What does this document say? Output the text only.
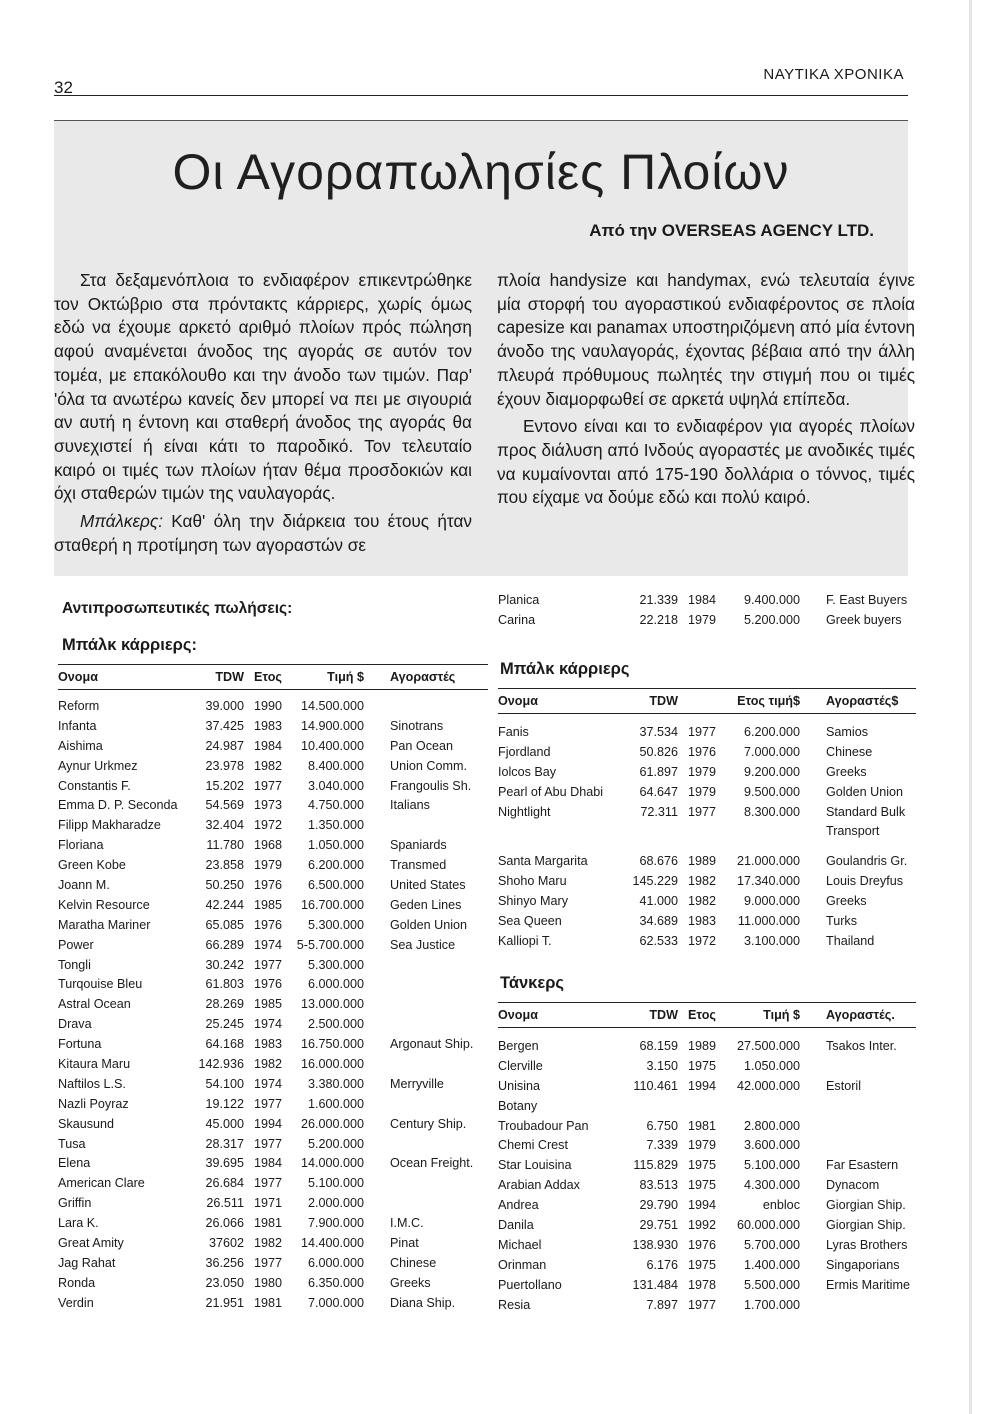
32
ΝΑΥΤΙΚΑ ΧΡΟΝΙΚΑ
Οι Αγοραπωλησίες Πλοίων
Από την OVERSEAS AGENCY LTD.

Στα δεξαμενόπλοια το ενδιαφέρον επικεντρώθηκε τον Οκτώβριο στα πρόντακτς κάρριερς, χωρίς όμως εδώ να έχουμε αρκετό αριθμό πλοίων πρός πώληση αφού αναμένεται άνοδος της αγοράς σε αυτόν τον τομέα, με επακόλουθο και την άνοδο των τιμών. Παρ' 'όλα τα ανωτέρω κανείς δεν μπορεί να πει με σιγουριά αν αυτή η έντονη και σταθερή άνοδος της αγοράς θα συνεχιστεί ή είναι κάτι το παροδικό. Τον τελευταίο καιρό οι τιμές των πλοίων ήταν θέμα προσδοκιών και όχι σταθερών τιμών της ναυλαγοράς.

Μπάλκερς: Καθ' όλη την διάρκεια του έτους ήταν σταθερή η προτίμηση των αγοραστών σε

πλοία handysize και handymax, ενώ τελευταία έγινε μία στορφή του αγοραστικού ενδιαφέροντος σε πλοία capesize και panamax υποστηριζόμενη από μία έντονη άνοδο της ναυλαγοράς, έχοντας βέβαια από την άλλη πλευρά πρόθυμους πωλητές την στιγμή που οι τιμές έχουν διαμορφωθεί σε αρκετά υψηλά επίπεδα.

Εντονο είναι και το ενδιαφέρον για αγορές πλοίων προς διάλυση από Ινδούς αγοραστές με ανοδικές τιμές να κυμαίνονται από 175-190 δολλάρια ο τόννος, τιμές που είχαμε να δούμε εδώ και πολύ καιρό.

Αντιπροσωπευτικές πωλήσεις:
Μπάλκ κάρριερς:
Ονομα	TDW	Ετος	Τιμή $	Αγοραστές
Reform	39.000	1990	14.500.000	
Infanta	37.425	1983	14.900.000	Sinotrans
Aishima	24.987	1984	10.400.000	Pan Ocean
Aynur Urkmez	23.978	1982	8.400.000	Union Comm.
Constantis F.	15.202	1977	3.040.000	Frangoulis Sh.
Emma D. P. Seconda	54.569	1973	4.750.000	Italians
Filipp Makharadze	32.404	1972	1.350.000	
Floriana	11.780	1968	1.050.000	Spaniards
Green Kobe	23.858	1979	6.200.000	Transmed
Joann M.	50.250	1976	6.500.000	United States
Kelvin Resource	42.244	1985	16.700.000	Geden Lines
Maratha Mariner	65.085	1976	5.300.000	Golden Union
Power	66.289	1974	5-5.700.000	Sea Justice
Tongli	30.242	1977	5.300.000	
Turqouise Bleu	61.803	1976	6.000.000	
Astral Ocean	28.269	1985	13.000.000	
Drava	25.245	1974	2.500.000	
Fortuna	64.168	1983	16.750.000	Argonaut Ship.
Kitaura Maru	142.936	1982	16.000.000	
Naftilos L.S.	54.100	1974	3.380.000	Merryville
Nazli Poyraz	19.122	1977	1.600.000	
Skausund	45.000	1994	26.000.000	Century Ship.
Tusa	28.317	1977	5.200.000	
Elena	39.695	1984	14.000.000	Ocean Freight.
American Clare	26.684	1977	5.100.000	
Griffin	26.511	1971	2.000.000	
Lara K.	26.066	1981	7.900.000	I.M.C.
Great Amity	37602	1982	14.400.000	Pinat
Jag Rahat	36.256	1977	6.000.000	Chinese
Ronda	23.050	1980	6.350.000	Greeks
Verdin	21.951	1981	7.000.000	Diana Ship.
Planica	21.339	1984	9.400.000	F. East Buyers
Carina	22.218	1979	5.200.000	Greek buyers
Μπάλκ κάρριερς
Ονομα	TDW	Ετος τιμή$		Αγοραστές$
Fanis	37.534	1977	6.200.000	Samios
Fjordland	50.826	1976	7.000.000	Chinese
Iolcos Bay	61.897	1979	9.200.000	Greeks
Pearl of Abu Dhabi	64.647	1979	9.500.000	Golden Union
Nightlight	72.311	1977	8.300.000	Standard Bulk
				Transport
Santa Margarita	68.676	1989	21.000.000	Goulandris Gr.
Shoho Maru	145.229	1982	17.340.000	Louis Dreyfus
Shinyo Mary	41.000	1982	9.000.000	Greeks
Sea Queen	34.689	1983	11.000.000	Turks
Kalliopi T.	62.533	1972	3.100.000	Thailand
Τάνκερς
Ονομα	TDW	Ετος	Τιμή $	Αγοραστές.
Bergen	68.159	1989	27.500.000	Tsakos Inter.
Clerville	3.150	1975	1.050.000	
Unisina	110.461	1994	42.000.000	Estoril
Botany				
Troubadour Pan	6.750	1981	2.800.000	
Chemi Crest	7.339	1979	3.600.000	
Star Louisina	115.829	1975	5.100.000	Far Esastern
Arabian Addax	83.513	1975	4.300.000	Dynacom
Andrea	29.790	1994	enbloc	Giorgian Ship.
Danila	29.751	1992	60.000.000	Giorgian Ship.
Michael	138.930	1976	5.700.000	Lyras Brothers
Orinman	6.176	1975	1.400.000	Singaporians
Puertollano	131.484	1978	5.500.000	Ermis Maritime
Resia	7.897	1977	1.700.000	
